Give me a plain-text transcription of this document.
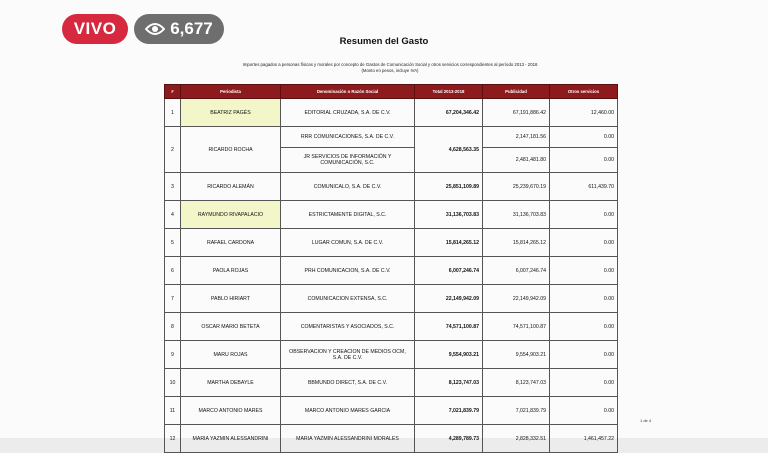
VIVO	6,677
Resumen del Gasto
Importes pagados a personas físicas y morales por concepto de Gastos de Comunicación Social y otros servicios correspondientes al período 2013 - 2018
(Monto en pesos, incluye IVA)
#	Periodista	Denominación o Razón Social	Total 2013-2018	Publicidad	Otros servicios
1	BEATRIZ PAGÉS	EDITORIAL CRUZADA, S.A. DE C.V.	67,204,346.42	67,191,886.42	12,460.00
2	RICARDO ROCHA	RRR COMUNICACIONES, S.A. DE C.V.	4,628,563.35	2,147,181.56	0.00
		JR SERVICIOS DE INFORMACIÓN Y COMUNICACIÓN, S.C.		2,481,481.80	0.00
3	RICARDO ALEMÁN	COMUNICALO, S.A. DE C.V.	25,851,109.89	25,239,670.19	611,439.70
4	RAYMUNDO RIVAPALACIO	ESTRICTAMENTE DIGITAL, S.C.	31,136,703.83	31,136,703.83	0.00
5	RAFAEL CARDONA	LUGAR COMUN, S.A. DE C.V.	15,814,265.12	15,814,265.12	0.00
6	PAOLA ROJAS	PRH COMUNICACION, S.A. DE C.V.	6,007,246.74	6,007,246.74	0.00
7	PABLO HIRIART	COMUNICACION EXTENSA, S.C.	22,149,942.09	22,149,942.09	0.00
8	OSCAR MARIO BETETA	COMENTARISTAS Y ASOCIADOS, S.C.	74,571,100.87	74,571,100.87	0.00
9	MARU ROJAS	OBSERVACION Y CREACION DE MEDIOS OCM, S.A. DE C.V.	9,554,903.21	9,554,903.21	0.00
10	MARTHA DEBAYLE	BBMUNDO DIRECT, S.A. DE C.V.	8,123,747.03	8,123,747.03	0.00
11	MARCO ANTONIO MARES	MARCO ANTONIO MARES GARCIA	7,021,839.79	7,021,839.79	0.00
12	MARIA YAZMIN ALESSANDRINI	MARIA YAZMIN ALESSANDRINI MORALES	4,289,789.73	2,828,332.51	1,461,457.22
1 de 4
